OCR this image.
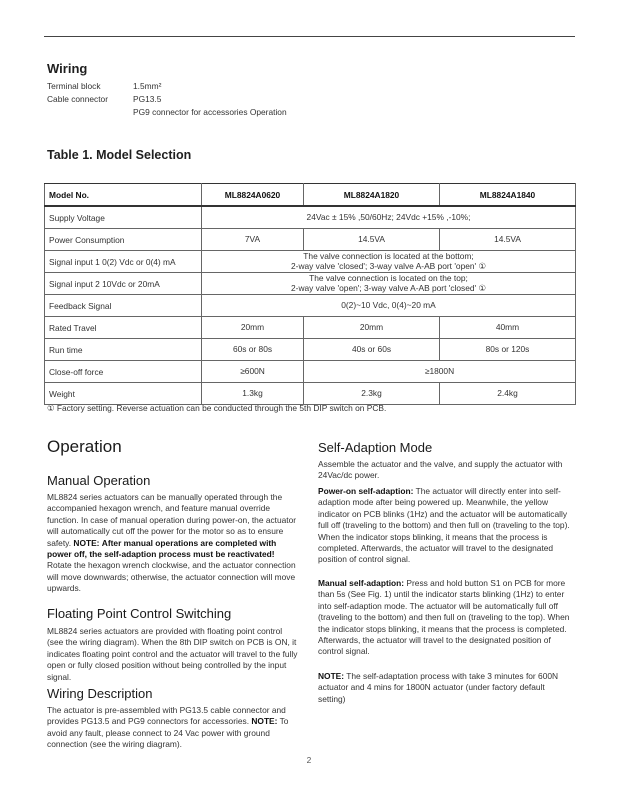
Wiring
Terminal block	1.5mm²
Cable connector	PG13.5
PG9 connector for accessories Operation
Table 1. Model Selection
Model No.	ML8824A0620	ML8824A1820	ML8824A1840
Supply Voltage	24Vac ± 15% ,50/60Hz; 24Vdc +15% ,-10%;		
Power Consumption	7VA	14.5VA	14.5VA
Signal input 1 0(2) Vdc or 0(4) mA	The valve connection is located at the bottom;
2-way valve 'closed'; 3-way valve A-AB port 'open' ①		

Signal input 2 10Vdc or 20mA	The valve connection is located on the top;
2-way valve 'open'; 3-way valve A-AB port 'closed' ①		

Feedback Signal	0(2)~10 Vdc, 0(4)~20 mA		
Rated Travel	20mm	20mm	40mm
Run time	60s or 80s	40s or 60s	80s or 120s
Close-off force	≥600N	≥1800N	
Weight	1.3kg	2.3kg	2.4kg
① Factory setting. Reverse actuation can be conducted through the 5th DIP switch on PCB.
Operation
Manual Operation
ML8824 series actuators can be manually operated through the accompanied hexagon wrench, and feature manual override function. In case of manual operation during power-on, the actuator will automatically cut off the power for the motor so as to ensure safety. NOTE: After manual operations are completed with power off, the self-adaption process must be reactivated! Rotate the hexagon wrench clockwise, and the actuator connection will move downwards; otherwise, the actuator connection will move upwards.
Floating Point Control Switching
ML8824 series actuators are provided with floating point control (see the wiring diagram). When the 8th DIP switch on PCB is ON, it indicates floating point control and the actuator will travel to the fully open or fully closed position without being controlled by the input signal.
Wiring Description
The actuator is pre-assembled with PG13.5 cable connector and provides PG13.5 and PG9 connectors for accessories. NOTE: To avoid any fault, please connect to 24 Vac power with ground connection (see the wiring diagram).
Self-Adaption Mode
Assemble the actuator and the valve, and supply the actuator with 24Vac/dc power.
Power-on self-adaption: The actuator will directly enter into self-adaption mode after being powered up. Meanwhile, the yellow indicator on PCB blinks (1Hz) and the actuator will be automatically full off (traveling to the bottom) and then full on (traveling to the top). When the indicator stops blinking, it means that the process is completed. Afterwards, the actuator will travel to the designated position of control signal.
Manual self-adaption: Press and hold button S1 on PCB for more than 5s (See Fig. 1) until the indicator starts blinking (1Hz) to enter into self-adaption mode. The actuator will be automatically full off (traveling to the bottom) and then full on (traveling to the top). When the indicator stops blinking, it means that the process is completed. Afterwards, the actuator will travel to the designated position of control signal.
NOTE: The self-adaptation process with take 3 minutes for 600N actuator and 4 mins for 1800N actuator (under factory default setting)
2
